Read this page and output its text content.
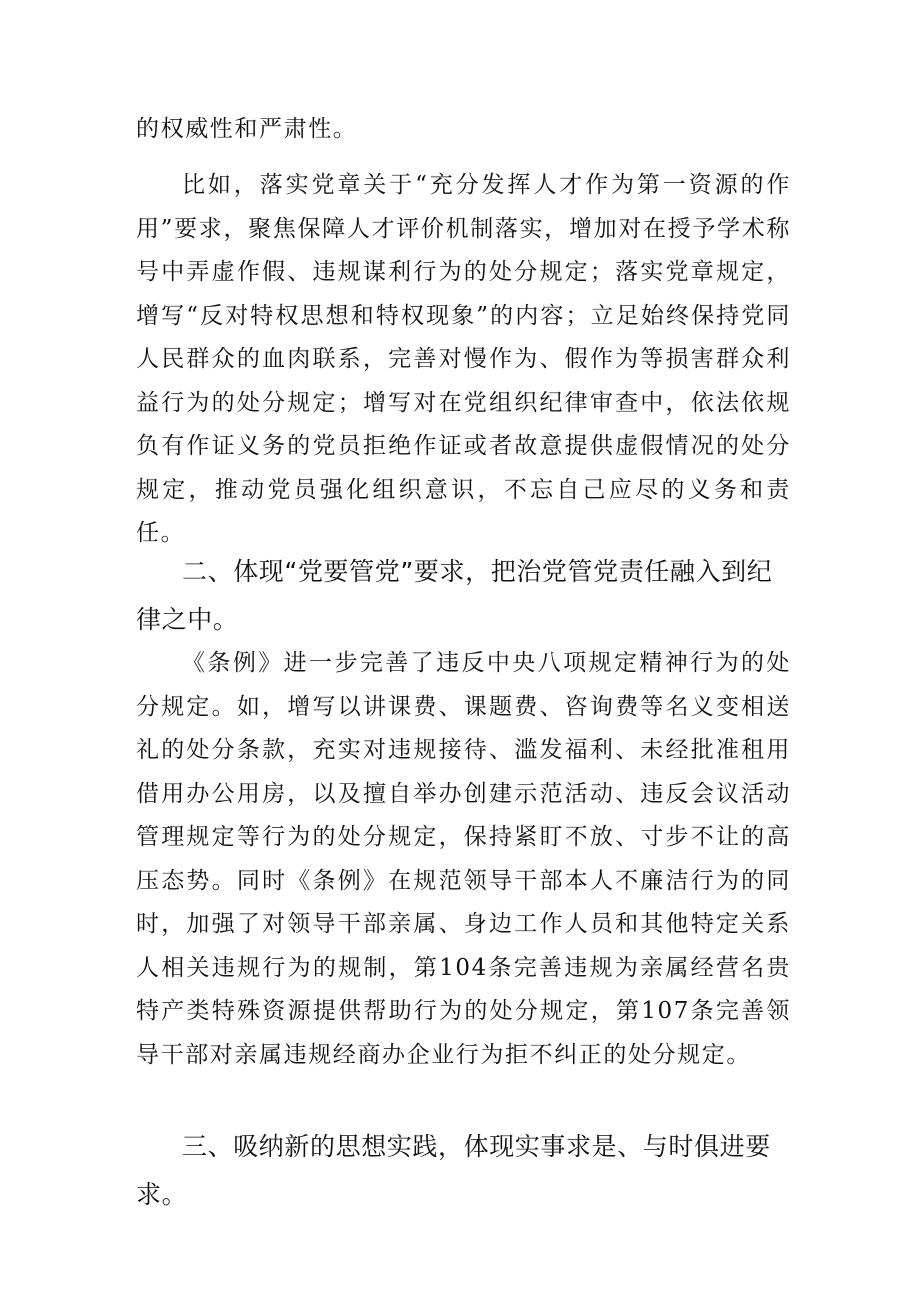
的权威性和严肃性。

比如，落实党章关于“充分发挥人才作为第一资源的作用”要求，聚焦保障人才评价机制落实，增加对在授予学术称号中弄虚作假、违规谋利行为的处分规定；落实党章规定，增写“反对特权思想和特权现象”的内容；立足始终保持党同人民群众的血肉联系，完善对慢作为、假作为等损害群众利益行为的处分规定；增写对在党组织纪律审查中，依法依规负有作证义务的党员拒绝作证或者故意提供虚假情况的处分规定，推动党员强化组织意识，不忘自己应尽的义务和责任。

二、体现“党要管党”要求，把治党管党责任融入到纪律之中。

《条例》进一步完善了违反中央八项规定精神行为的处分规定。如，增写以讲课费、课题费、咨询费等名义变相送礼的处分条款，充实对违规接待、滥发福利、未经批准租用借用办公用房，以及擅自举办创建示范活动、违反会议活动管理规定等行为的处分规定，保持紧盯不放、寸步不让的高压态势。同时《条例》在规范领导干部本人不廉洁行为的同时，加强了对领导干部亲属、身边工作人员和其他特定关系人相关违规行为的规制，第104条完善违规为亲属经营名贵特产类特殊资源提供帮助行为的处分规定，第107条完善领导干部对亲属违规经商办企业行为拒不纠正的处分规定。

三、吸纳新的思想实践，体现实事求是、与时俱进要求。
